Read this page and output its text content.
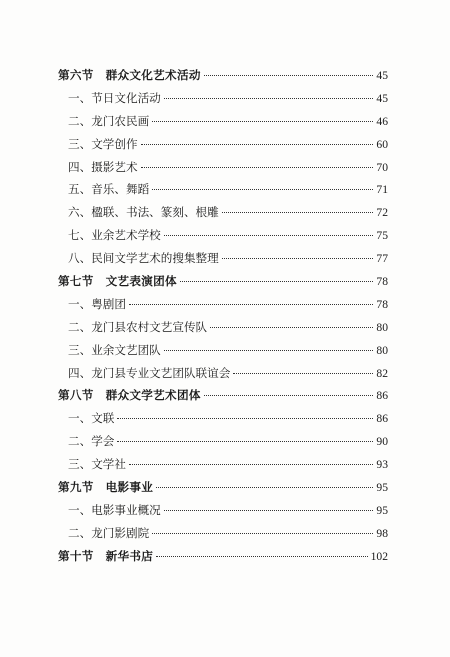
第六节　群众文化艺术活动	45
一、节日文化活动	45
二、龙门农民画	46
三、文学创作	60
四、摄影艺术	70
五、音乐、舞蹈	71
六、楹联、书法、篆刻、根雕	72
七、业余艺术学校	75
八、民间文学艺术的搜集整理	77
第七节　文艺表演团体	78
一、粤剧团	78
二、龙门县农村文艺宣传队	80
三、业余文艺团队	80
四、龙门县专业文艺团队联谊会	82
第八节　群众文学艺术团体	86
一、文联	86
二、学会	90
三、文学社	93
第九节　电影事业	95
一、电影事业概况	95
二、龙门影剧院	98
第十节　新华书店	102
